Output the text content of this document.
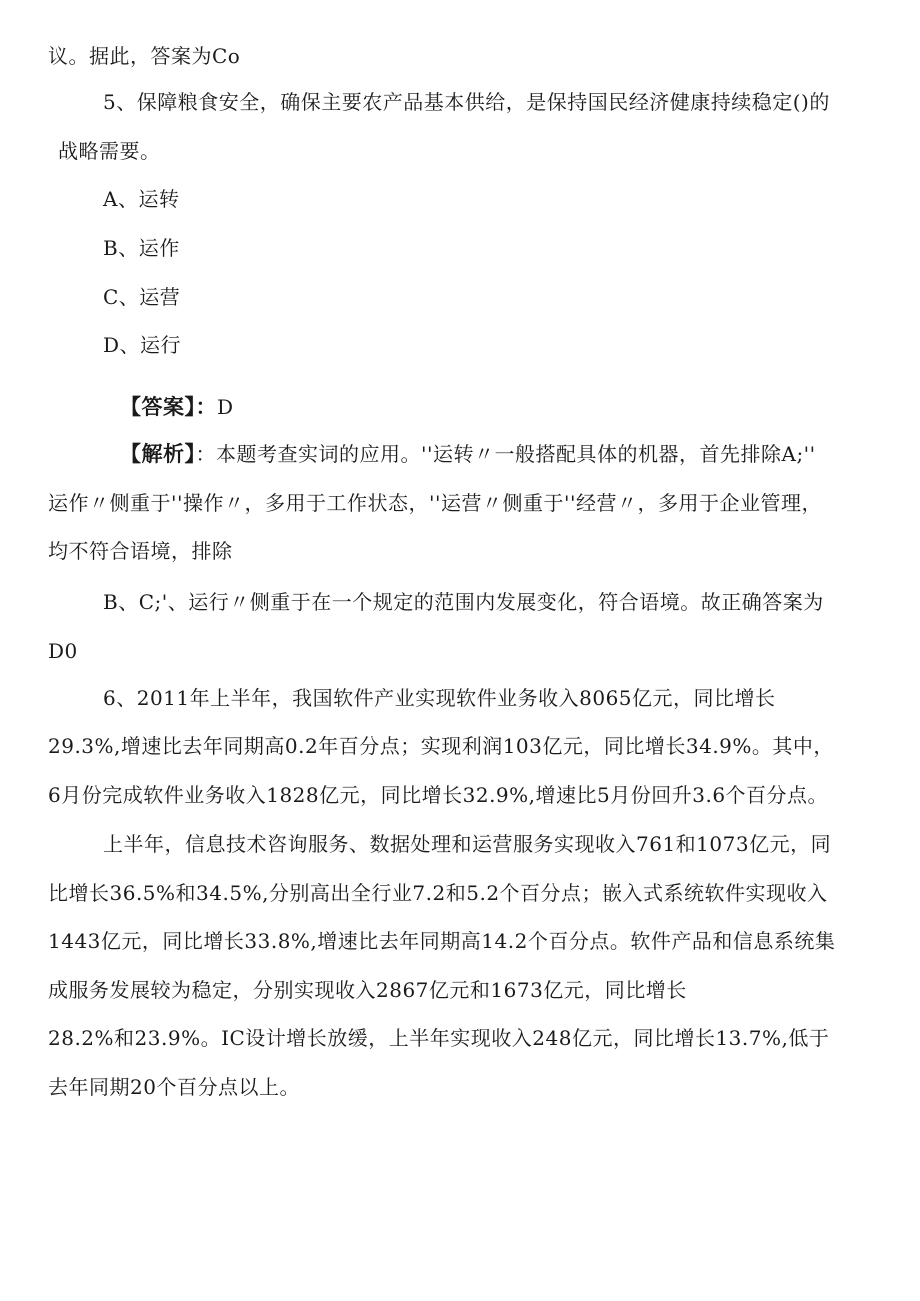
议。据此，答案为Co
5、保障粮食安全，确保主要农产品基本供给，是保持国民经济健康持续稳定()的
战略需要。
A、运转
B、运作
C、运营
D、运行
【答案】：D
【解析】：本题考查实词的应用。''运转〃一般搭配具体的机器，首先排除A;''
运作〃侧重于''操作〃，多用于工作状态，''运营〃侧重于''经营〃，多用于企业管理，
均不符合语境，排除
B、C;'、运行〃侧重于在一个规定的范围内发展变化，符合语境。故正确答案为
D0
6、2011年上半年，我国软件产业实现软件业务收入8065亿元，同比增长
29.3%,增速比去年同期高0.2年百分点；实现利润103亿元，同比增长34.9%。其中，
6月份完成软件业务收入1828亿元，同比增长32.9%,增速比5月份回升3.6个百分点。
上半年，信息技术咨询服务、数据处理和运营服务实现收入761和1073亿元，同
比增长36.5%和34.5%,分别高出全行业7.2和5.2个百分点；嵌入式系统软件实现收入
1443亿元，同比增长33.8%,增速比去年同期高14.2个百分点。软件产品和信息系统集
成服务发展较为稳定，分别实现收入2867亿元和1673亿元，同比增长
28.2%和23.9%。IC设计增长放缓，上半年实现收入248亿元，同比增长13.7%,低于
去年同期20个百分点以上。
